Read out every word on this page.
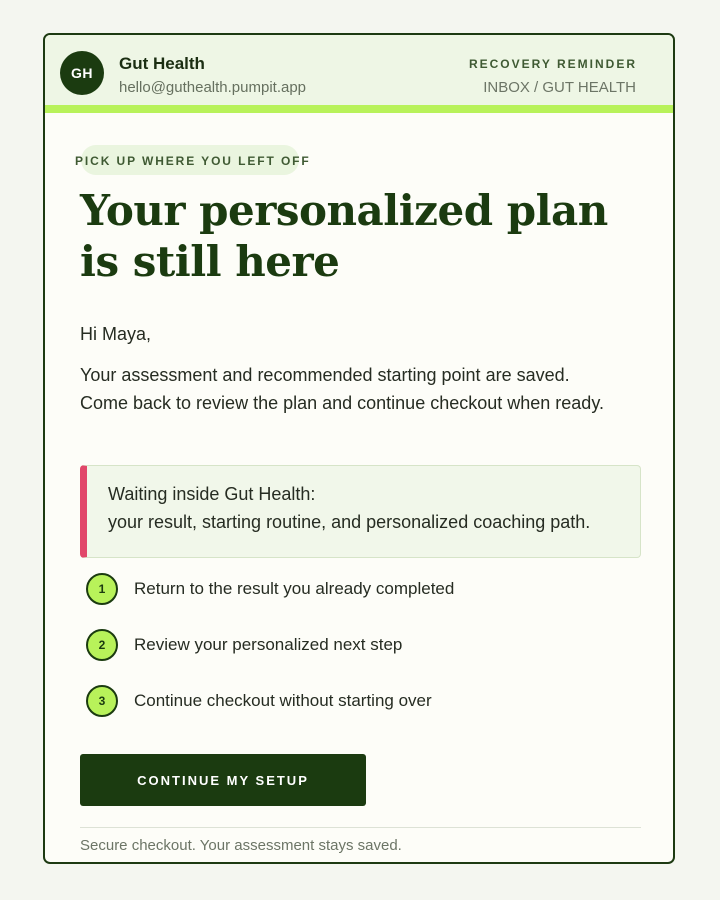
GH	Gut Health
hello@guthealth.pumpit.app
RECOVERY REMINDER
INBOX / GUT HEALTH
PICK UP WHERE YOU LEFT OFF
Your personalized plan is still here
Hi Maya,
Your assessment and recommended starting point are saved.
Come back to review the plan and continue checkout when ready.
Waiting inside Gut Health:
your result, starting routine, and personalized coaching path.
1	Return to the result you already completed
2	Review your personalized next step
3	Continue checkout without starting over
CONTINUE MY SETUP
Secure checkout. Your assessment stays saved.
